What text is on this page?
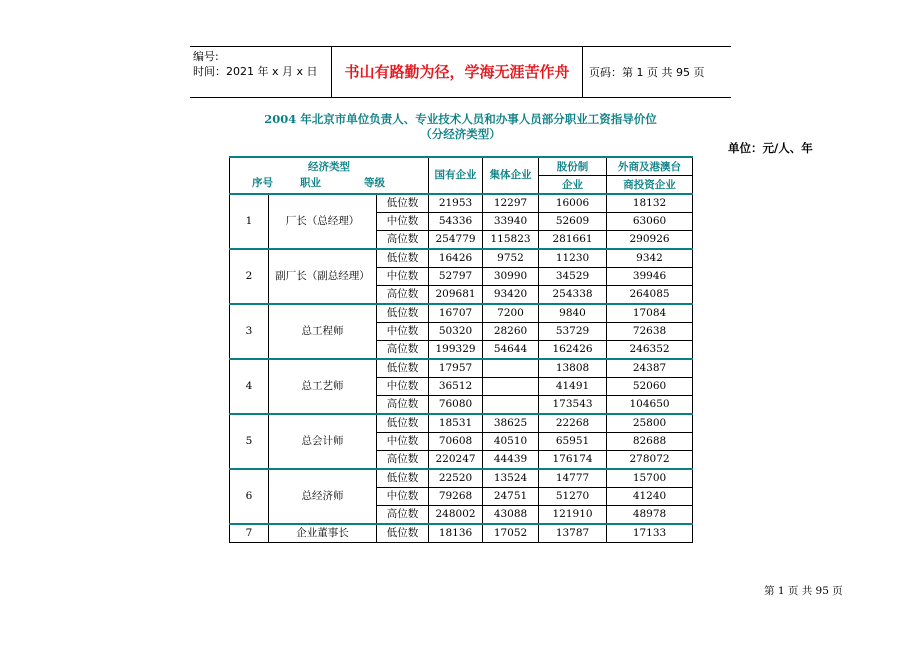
编号:
时间：2021 年 x 月 x 日	书山有路勤为径，学海无涯苦作舟	页码：第 1 页 共 95 页
2004 年北京市单位负责人、专业技术人员和办事人员部分职业工资指导价位
（分经济类型）
单位：元/人、年
经济类型
序号 职业 等级			国有企业	集体企业	股份制	外商及港澳台
					企业	商投资企业
1	厂长（总经理）	低位数	21953	12297	16006	18132
		中位数	54336	33940	52609	63060
		高位数	254779	115823	281661	290926
2	副厂长（副总经理）	低位数	16426	9752	11230	9342
		中位数	52797	30990	34529	39946
		高位数	209681	93420	254338	264085
3	总工程师	低位数	16707	7200	9840	17084
		中位数	50320	28260	53729	72638
		高位数	199329	54644	162426	246352
4	总工艺师	低位数	17957		13808	24387
		中位数	36512		41491	52060
		高位数	76080		173543	104650
5	总会计师	低位数	18531	38625	22268	25800
		中位数	70608	40510	65951	82688
		高位数	220247	44439	176174	278072
6	总经济师	低位数	22520	13524	14777	15700
		中位数	79268	24751	51270	41240
		高位数	248002	43088	121910	48978
7	企业董事长	低位数	18136	17052	13787	17133
第 1 页 共 95 页
